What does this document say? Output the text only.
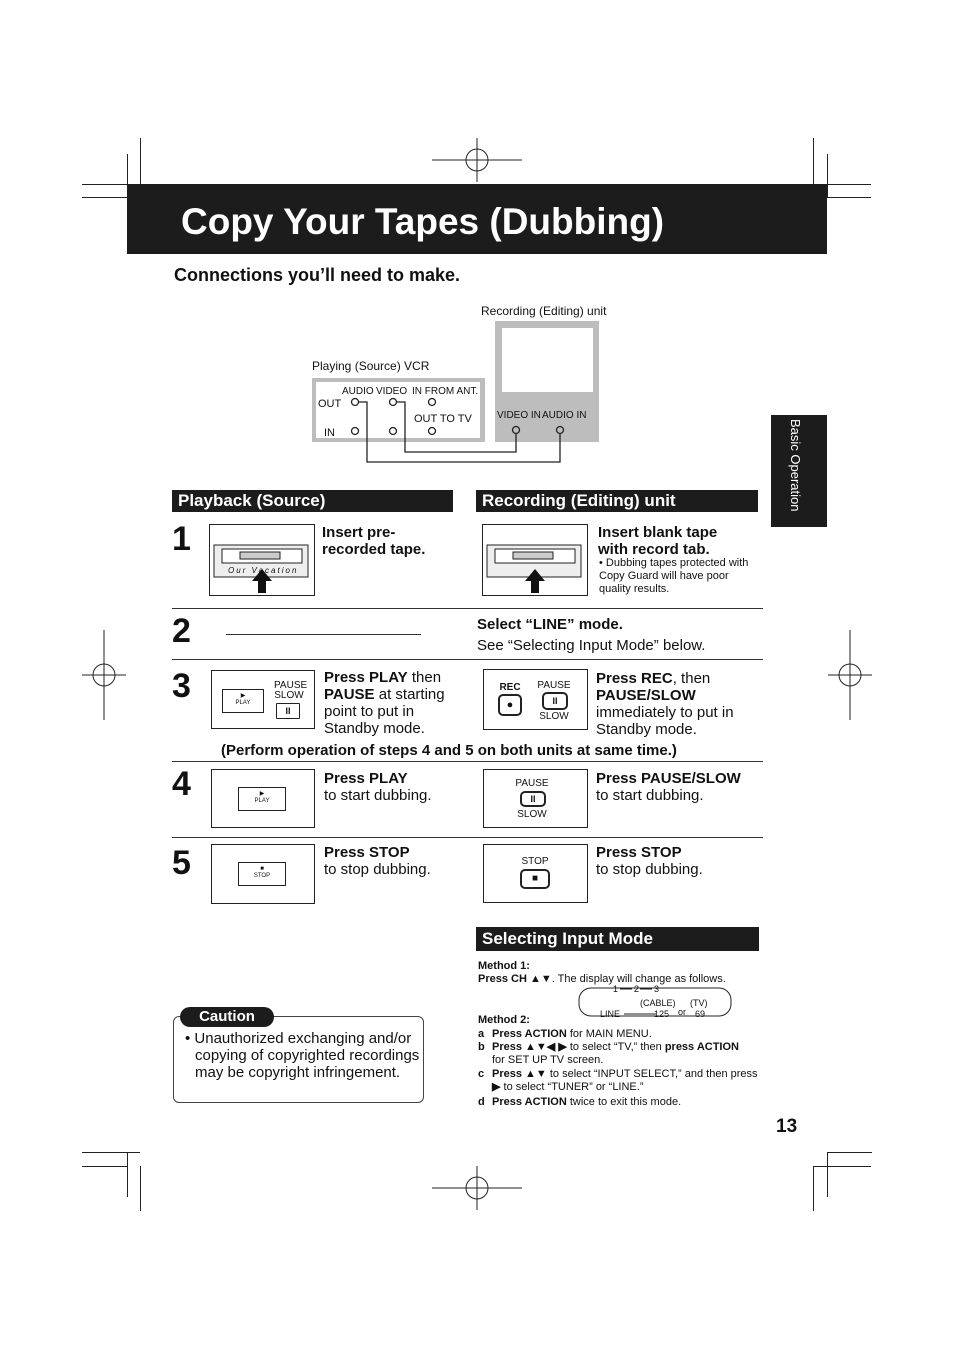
Copy Your Tapes (Dubbing)
Connections you’ll need to make.
Basic Operation
Recording (Editing) unit
Playing (Source) VCR
AUDIO VIDEO IN FROM ANT.
OUT
IN
OUT TO TV	VIDEO IN AUDIO IN
Playback (Source)	Recording (Editing) unit
1
Our Vacation
Insert pre-recorded tape.
Insert blank tape with record tab.
• Dubbing tapes protected with Copy Guard will have poor quality results.
2	Select “LINE” mode.
See “Selecting Input Mode” below.
3	▶
PLAY
PAUSE
SLOW
II
Press PLAY then PAUSE at starting point to put in Standby mode.
REC
●
PAUSE
II
SLOW
Press REC, then PAUSE/SLOW immediately to put in Standby mode.
(Perform operation of steps 4 and 5 on both units at same time.)
4	▶
PLAY
Press PLAY
to start dubbing.
PAUSE
II
SLOW
Press PAUSE/SLOW
to start dubbing.
5	■
STOP
Press STOP
to stop dubbing.	STOP
■
Press STOP
to stop dubbing.
Selecting Input Mode
Method 1:
Press CH ▲▼. The display will change as follows.
1 2 3
(CABLE) (TV)
LINE	125 or 69
Method 2:
a Press ACTION for MAIN MENU.
b Press ▲▼◀ ▶ to select “TV,” then press ACTION for SET UP TV screen.
c Press ▲▼ to select “INPUT SELECT,” and then press ▶ to select “TUNER” or “LINE.”
d Press ACTION twice to exit this mode.
Caution
• Unauthorized exchanging and/or copying of copyrighted recordings may be copyright infringement.
13
